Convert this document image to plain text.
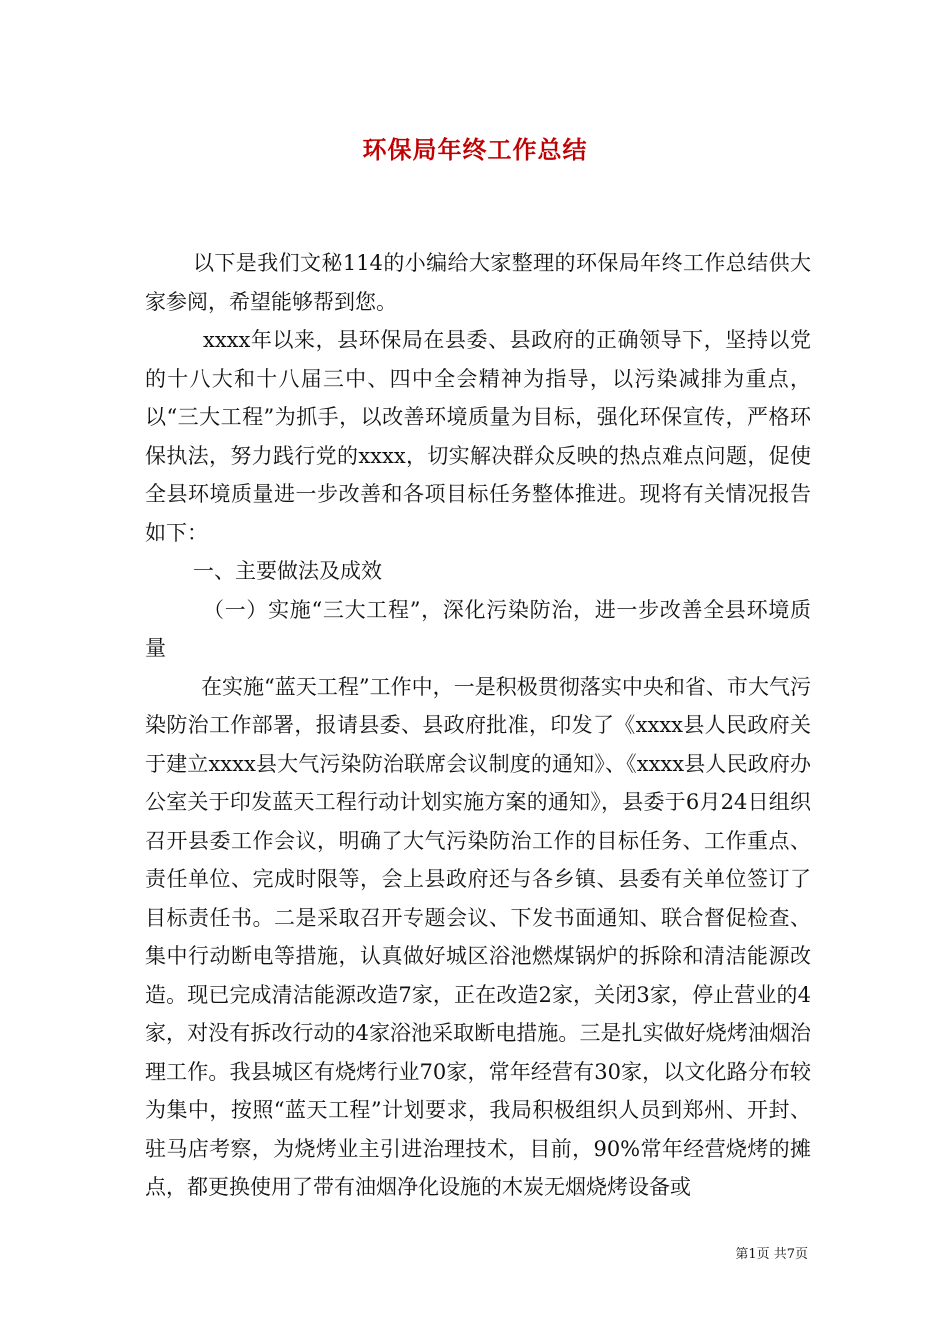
环保局年终工作总结

以下是我们文秘114的小编给大家整理的环保局年终工作总结供大家参阅，希望能够帮到您。

xxxx年以来，县环保局在县委、县政府的正确领导下，坚持以党的十八大和十八届三中、四中全会精神为指导，以污染减排为重点，以“三大工程”为抓手，以改善环境质量为目标，强化环保宣传，严格环保执法，努力践行党的xxxx，切实解决群众反映的热点难点问题，促使全县环境质量进一步改善和各项目标任务整体推进。现将有关情况报告如下：

一、主要做法及成效

（一）实施“三大工程”，深化污染防治，进一步改善全县环境质量

在实施“蓝天工程”工作中，一是积极贯彻落实中央和省、市大气污染防治工作部署，报请县委、县政府批准，印发了《xxxx县人民政府关于建立xxxx县大气污染防治联席会议制度的通知》、《xxxx县人民政府办公室关于印发蓝天工程行动计划实施方案的通知》，县委于6月24日组织召开县委工作会议，明确了大气污染防治工作的目标任务、工作重点、责任单位、完成时限等，会上县政府还与各乡镇、县委有关单位签订了目标责任书。二是采取召开专题会议、下发书面通知、联合督促检查、集中行动断电等措施，认真做好城区浴池燃煤锅炉的拆除和清洁能源改造。现已完成清洁能源改造7家，正在改造2家，关闭3家，停止营业的4家，对没有拆改行动的4家浴池采取断电措施。三是扎实做好烧烤油烟治理工作。我县城区有烧烤行业70家，常年经营有30家，以文化路分布较为集中，按照“蓝天工程”计划要求，我局积极组织人员到郑州、开封、驻马店考察，为烧烤业主引进治理技术，目前，90%常年经营烧烤的摊点，都更换使用了带有油烟净化设施的木炭无烟烧烤设备或

第1页 共7页
